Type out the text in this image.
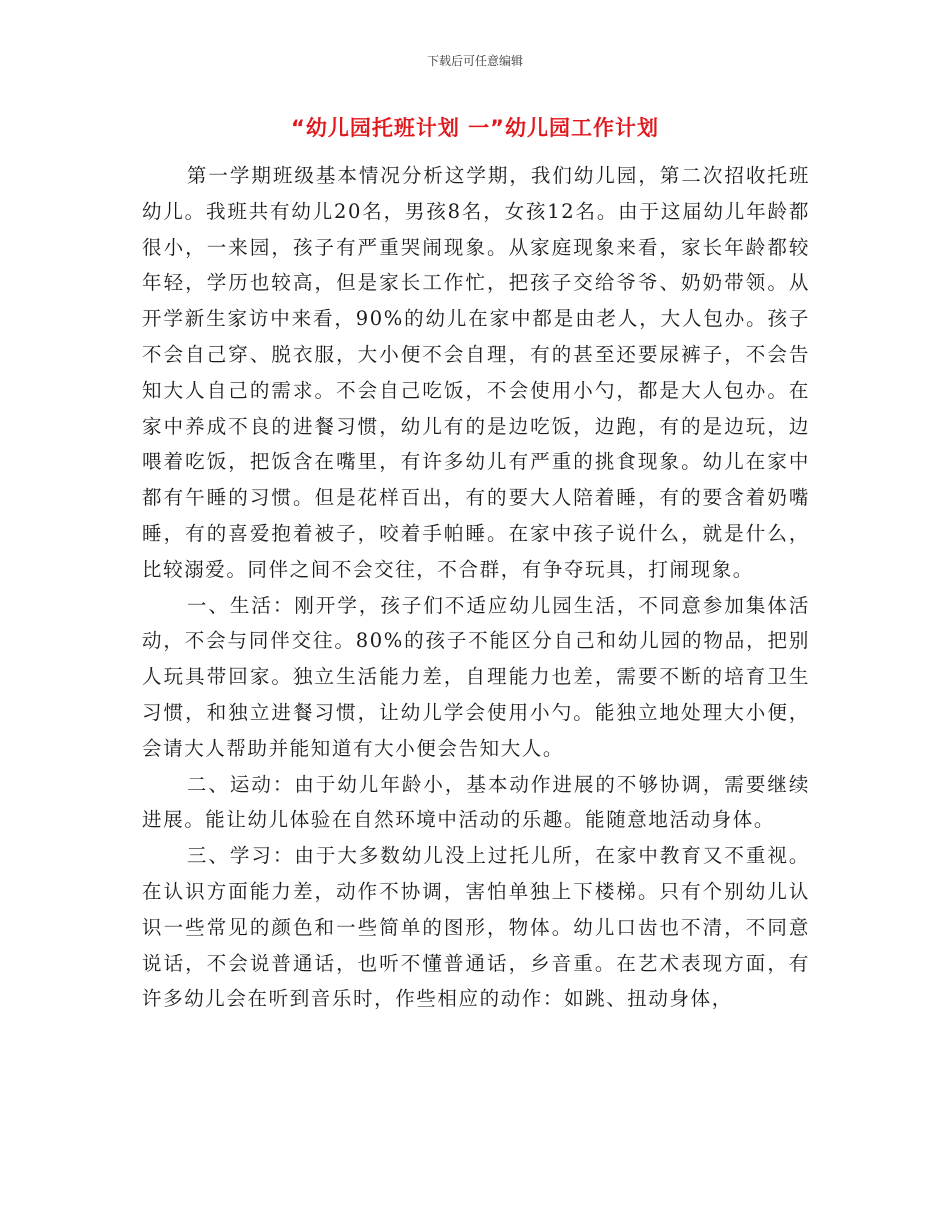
下载后可任意编辑
“幼儿园托班计划 一”幼儿园工作计划

第一学期班级基本情况分析这学期，我们幼儿园，第二次招收托班幼儿。我班共有幼儿20名，男孩8名，女孩12名。由于这届幼儿年龄都很小，一来园，孩子有严重哭闹现象。从家庭现象来看，家长年龄都较年轻，学历也较高，但是家长工作忙，把孩子交给爷爷、奶奶带领。从开学新生家访中来看，90%的幼儿在家中都是由老人，大人包办。孩子不会自己穿、脱衣服，大小便不会自理，有的甚至还要尿裤子，不会告知大人自己的需求。不会自己吃饭，不会使用小勺，都是大人包办。在家中养成不良的进餐习惯，幼儿有的是边吃饭，边跑，有的是边玩，边喂着吃饭，把饭含在嘴里，有许多幼儿有严重的挑食现象。幼儿在家中都有午睡的习惯。但是花样百出，有的要大人陪着睡，有的要含着奶嘴睡，有的喜爱抱着被子，咬着手帕睡。在家中孩子说什么，就是什么，比较溺爱。同伴之间不会交往，不合群，有争夺玩具，打闹现象。

一、生活：刚开学，孩子们不适应幼儿园生活，不同意参加集体活动，不会与同伴交往。80%的孩子不能区分自己和幼儿园的物品，把别人玩具带回家。独立生活能力差，自理能力也差，需要不断的培育卫生习惯，和独立进餐习惯，让幼儿学会使用小勺。能独立地处理大小便，会请大人帮助并能知道有大小便会告知大人。

二、运动：由于幼儿年龄小，基本动作进展的不够协调，需要继续进展。能让幼儿体验在自然环境中活动的乐趣。能随意地活动身体。

三、学习：由于大多数幼儿没上过托儿所，在家中教育又不重视。在认识方面能力差，动作不协调，害怕单独上下楼梯。只有个别幼儿认识一些常见的颜色和一些简单的图形，物体。幼儿口齿也不清，不同意说话，不会说普通话，也听不懂普通话，乡音重。在艺术表现方面，有许多幼儿会在听到音乐时，作些相应的动作：如跳、扭动身体，
